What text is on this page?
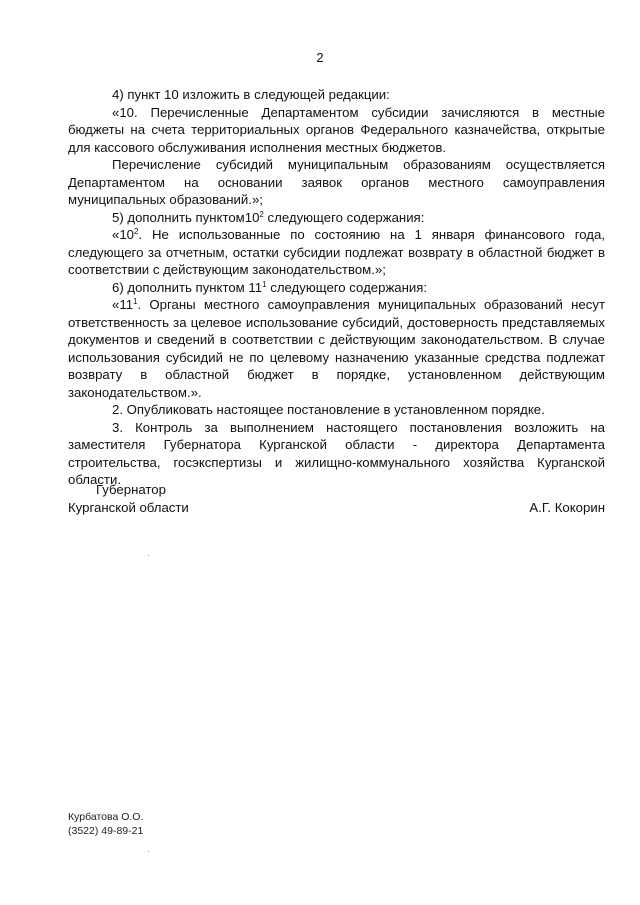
2

4) пункт 10 изложить в следующей редакции:

«10. Перечисленные Департаментом субсидии зачисляются в местные бюджеты на счета территориальных органов Федерального казначейства, открытые для кассового обслуживания исполнения местных бюджетов.

Перечисление субсидий муниципальным образованиям осуществляется Департаментом на основании заявок органов местного самоуправления муниципальных образований.»;

5) дополнить $пунктом10^2$ следующего содержания:

«$10^2$. Не использованные по состоянию на 1 января финансового года, следующего за отчетным, остатки субсидии подлежат возврату в областной бюджет в соответствии с действующим законодательством.»;

6) дополнить пунктом $11^1$ следующего содержания:

«$11^1$. Органы местного самоуправления муниципальных образований несут ответственность за целевое использование субсидий, достоверность представляемых документов и сведений в соответствии с действующим законодательством. В случае использования субсидий не по целевому назначению указанные средства подлежат возврату в областной бюджет в порядке, установленном действующим законодательством.».

2. Опубликовать настоящее постановление в установленном порядке.

3. Контроль за выполнением настоящего постановления возложить на заместителя Губернатора Курганской области - директора Департамента строительства, госэкспертизы и жилищно-коммунального хозяйства Курганской области.

Губернатор
Курганской области	А.Г. Кокорин
Курбатова О.О.
(3522) 49-89-21
